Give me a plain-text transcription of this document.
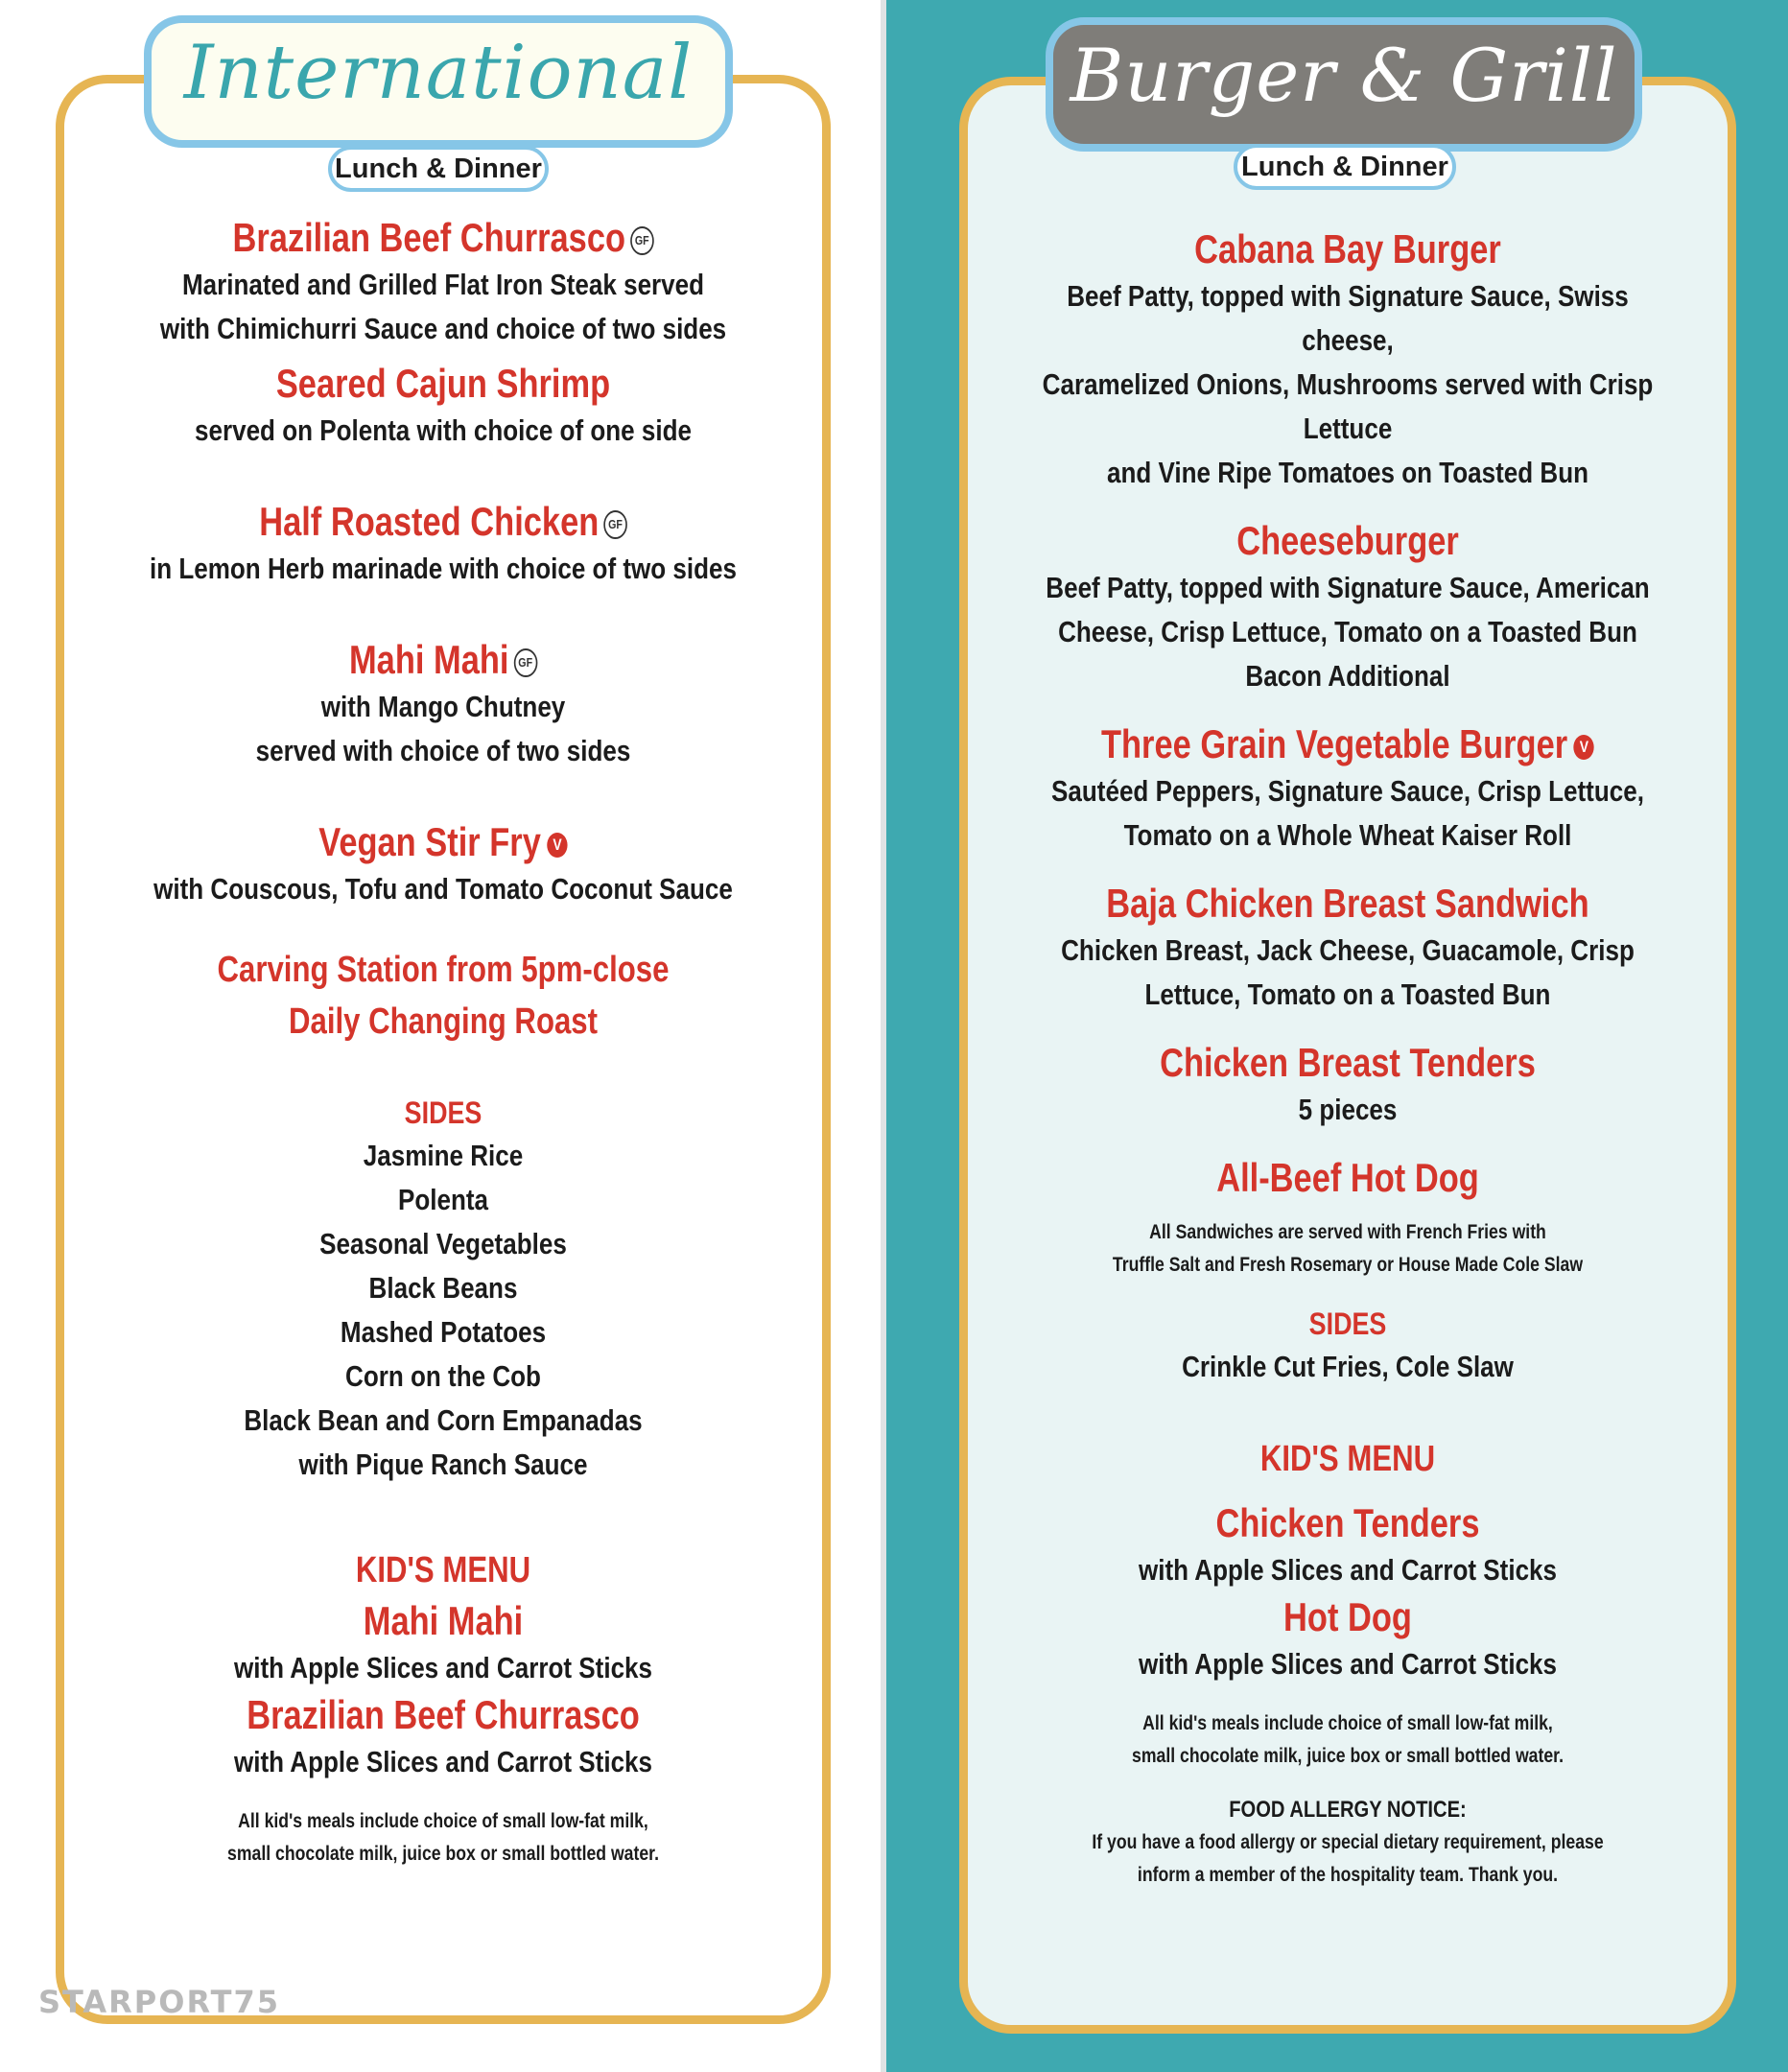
International
Lunch & Dinner
Burger & Grill
Lunch & Dinner
Brazilian Beef Churrasco GF
Marinated and Grilled Flat Iron Steak served
with Chimichurri Sauce and choice of two sides
Seared Cajun Shrimp
served on Polenta with choice of one side
Half Roasted Chicken GF
in Lemon Herb marinade with choice of two sides
Mahi Mahi GF
with Mango Chutney
served with choice of two sides
Vegan Stir Fry V
with Couscous, Tofu and Tomato Coconut Sauce
Carving Station from 5pm-close
Daily Changing Roast
SIDES
Jasmine Rice
Polenta
Seasonal Vegetables
Black Beans
Mashed Potatoes
Corn on the Cob
Black Bean and Corn Empanadas
with Pique Ranch Sauce
KID'S MENU
Mahi Mahi
with Apple Slices and Carrot Sticks
Brazilian Beef Churrasco
with Apple Slices and Carrot Sticks
All kid's meals include choice of small low-fat milk,
small chocolate milk, juice box or small bottled water.
Cabana Bay Burger
Beef Patty, topped with Signature Sauce, Swiss cheese,
Caramelized Onions, Mushrooms served with Crisp Lettuce
and Vine Ripe Tomatoes on Toasted Bun
Cheeseburger
Beef Patty, topped with Signature Sauce, American
Cheese, Crisp Lettuce, Tomato on a Toasted Bun
Bacon Additional
Three Grain Vegetable Burger V
Sautéed Peppers, Signature Sauce, Crisp Lettuce,
Tomato on a Whole Wheat Kaiser Roll
Baja Chicken Breast Sandwich
Chicken Breast, Jack Cheese, Guacamole, Crisp
Lettuce, Tomato on a Toasted Bun
Chicken Breast Tenders
5 pieces
All-Beef Hot Dog
All Sandwiches are served with French Fries with
Truffle Salt and Fresh Rosemary or House Made Cole Slaw
SIDES
Crinkle Cut Fries, Cole Slaw
KID'S MENU
Chicken Tenders
with Apple Slices and Carrot Sticks
Hot Dog
with Apple Slices and Carrot Sticks
All kid's meals include choice of small low-fat milk,
small chocolate milk, juice box or small bottled water.
FOOD ALLERGY NOTICE:
If you have a food allergy or special dietary requirement, please
inform a member of the hospitality team. Thank you.
STARPORT75
